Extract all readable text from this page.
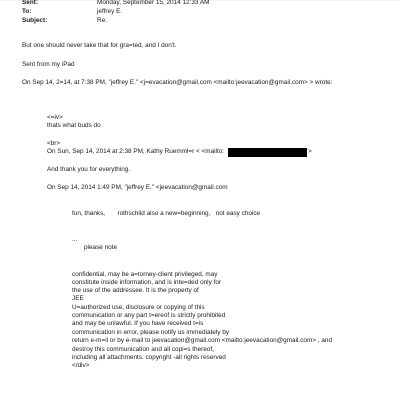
Sent:	Monday, September 15, 2014 12:33 AM
To:	jeffrey E.
Subject:	Re:
But one should never take that for gra=ted, and I don't.
Sent from my iPad
On Sep 14, 2=14, at 7:38 PM, "jeffrey E." <j=evacation@gmail.com <mailto:jeevacation@gmail.com> > wrote:
<=iv>
thats what buds do
<br>
On Sun, Sep 14, 2014 at 2:38 PM, Kathy Ruemml=r < <mailto:	>
And thank you for everything.
On Sep 14, 2014 1:49 PM, "jeffrey E." <jeevacation@gmail.com
fun, thanks,       rothschild also a new=beginning,   not easy choice
...
please note
confidential, may be a=torney-client privileged, may
constitute inside information, and is inte=ded only for
the use of the addressee. It is the property of
JEE
U=authorized use, disclosure or copying of this
communication or any part t=ereof is strictly prohibited
and may be unlawful. If you have received t=is
communication in error, please notify us immediately by
return e-m=il or by e-mail to jeevacation@gmail.com <mailto:jeevacation@gmail.com> , and
destroy this communication and all copi=s thereof,
including all attachments. copyright -all rights reserved
</div>
